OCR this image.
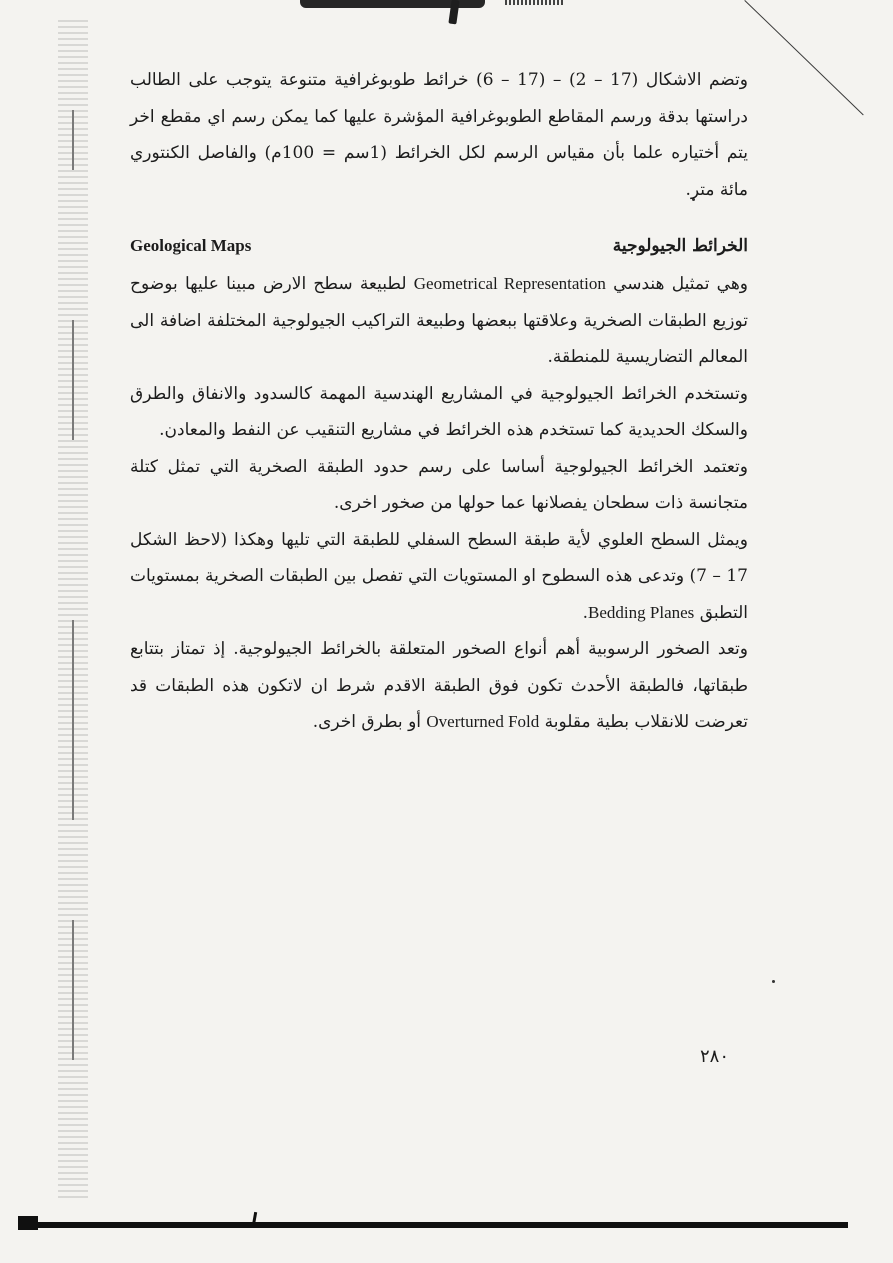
وتضم الاشكال (17 – 2) – (17 – 6) خرائط طوبوغرافية متنوعة يتوجب على الطالب دراستها بدقة ورسم المقاطع الطوبوغرافية المؤشرة عليها كما يمكن رسم اي مقطع اخر يتم أختياره علما بأن مقياس الرسم لكل الخرائط (1سم = 100م) والفاصل الكنتوري مائة متر.

Geological Maps	الخرائط الجيولوجية

وهي تمثيل هندسي Geometrical Representation لطبيعة سطح الارض مبينا عليها بوضوح توزيع الطبقات الصخرية وعلاقتها ببعضها وطبيعة التراكيب الجيولوجية المختلفة اضافة الى المعالم التضاريسية للمنطقة.

وتستخدم الخرائط الجيولوجية في المشاريع الهندسية المهمة كالسدود والانفاق والطرق والسكك الحديدية كما تستخدم هذه الخرائط في مشاريع التنقيب عن النفط والمعادن.

وتعتمد الخرائط الجيولوجية أساسا على رسم حدود الطبقة الصخرية التي تمثل كتلة متجانسة ذات سطحان يفصلانها عما حولها من صخور اخرى.

ويمثل السطح العلوي لأية طبقة السطح السفلي للطبقة التي تليها وهكذا (لاحظ الشكل 17 – 7) وتدعى هذه السطوح او المستويات التي تفصل بين الطبقات الصخرية بمستويات التطبق Bedding Planes.

وتعد الصخور الرسوبية أهم أنواع الصخور المتعلقة بالخرائط الجيولوجية. إذ تمتاز بتتابع طبقاتها، فالطبقة الأحدث تكون فوق الطبقة الاقدم شرط ان لاتكون هذه الطبقات قد تعرضت للانقلاب بطية مقلوبة Overturned Fold أو بطرق اخرى.

٢٨٠
